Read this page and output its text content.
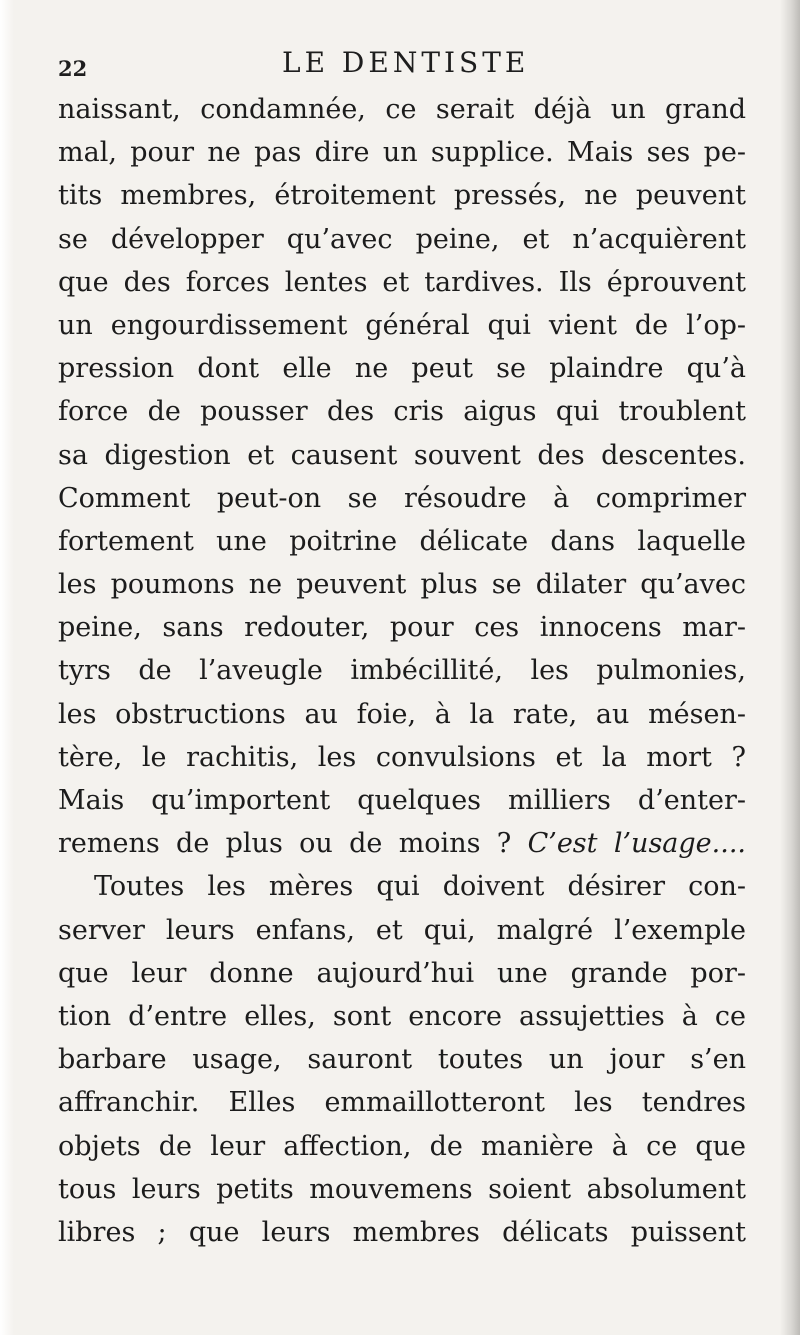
22	LE DENTISTE
naissant, condamnée, ce serait déjà un grand
mal, pour ne pas dire un supplice. Mais ses pe-
tits membres, étroitement pressés, ne peuvent
se développer qu’avec peine, et n’acquièrent
que des forces lentes et tardives. Ils éprouvent
un engourdissement général qui vient de l’op-
pression dont elle ne peut se plaindre qu’à
force de pousser des cris aigus qui troublent
sa digestion et causent souvent des descentes.
Comment peut-on se résoudre à comprimer
fortement une poitrine délicate dans laquelle
les poumons ne peuvent plus se dilater qu’avec
peine, sans redouter, pour ces innocens mar-
tyrs de l’aveugle imbécillité, les pulmonies,
les obstructions au foie, à la rate, au mésen-
tère, le rachitis, les convulsions et la mort ?
Mais qu’importent quelques milliers d’enter-
remens de plus ou de moins ? C’est l’usage....
Toutes les mères qui doivent désirer con-
server leurs enfans, et qui, malgré l’exemple
que leur donne aujourd’hui une grande por-
tion d’entre elles, sont encore assujetties à ce
barbare usage, sauront toutes un jour s’en
affranchir. Elles emmaillotteront les tendres
objets de leur affection, de manière à ce que
tous leurs petits mouvemens soient absolument
libres ; que leurs membres délicats puissent
